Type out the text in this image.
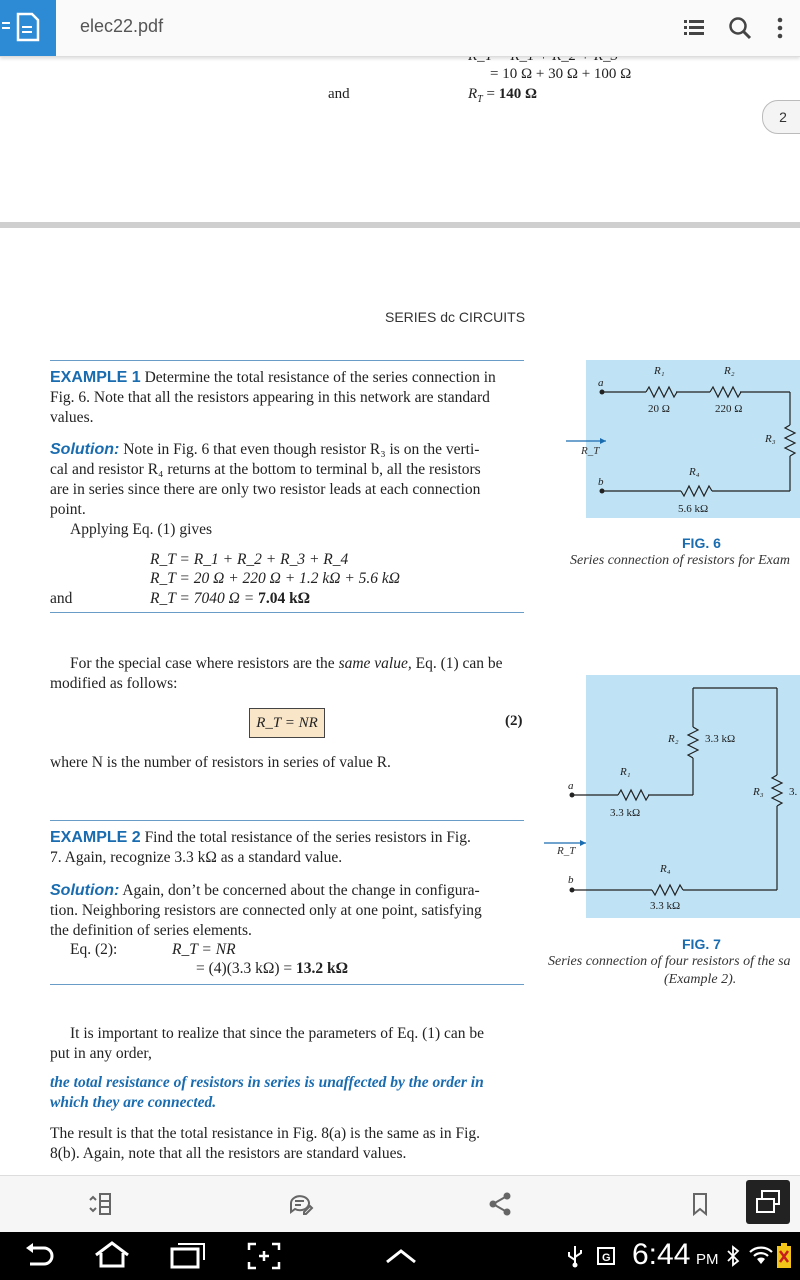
elec22.pdf
= 10 Ω + 30 Ω + 100 Ω
and	$R_T = 140$ Ω
2
SERIES dc CIRCUITS
EXAMPLE 1 Determine the total resistance of the series connection in
Fig. 6. Note that all the resistors appearing in this network are standard
values.
Solution: Note in Fig. 6 that even though resistor R₃ is on the verti-
cal and resistor R₄ returns at the bottom to terminal b, all the resistors
are in series since there are only two resistor leads at each connection
point.
Applying Eq. (1) gives
R_T = R_1 + R_2 + R_3 + R_4
R_T = 20 Ω + 220 Ω + 1.2 kΩ + 5.6 kΩ
and	R_T = 7040 Ω = 7.04 kΩ
For the special case where resistors are the same value, Eq. (1) can be
modified as follows:
R_T = NR	(2)
where N is the number of resistors in series of value R.
EXAMPLE 2 Find the total resistance of the series resistors in Fig.
7. Again, recognize 3.3 kΩ as a standard value.
Solution: Again, don’t be concerned about the change in configura-
tion. Neighboring resistors are connected only at one point, satisfying
the definition of series elements.
Eq. (2):	R_T = NR
= (4)(3.3 kΩ) = 13.2 kΩ
It is important to realize that since the parameters of Eq. (1) can be
put in any order,
the total resistance of resistors in series is unaffected by the order in
which they are connected.
The result is that the total resistance in Fig. 8(a) is the same as in Fig.
8(b). Again, note that all the resistors are standard values.
a
b
R_T
R₁
20 Ω
R₂
220 Ω
R₃
R₄
5.6 kΩ
FIG. 6
Series connection of resistors for Exam
a
b
R_T
R₁
3.3 kΩ
R₂ 3.3 kΩ
R₃ 3.
R₄
3.3 kΩ
FIG. 7
Series connection of four resistors of the sa
(Example 2).
G 6:44 PM
